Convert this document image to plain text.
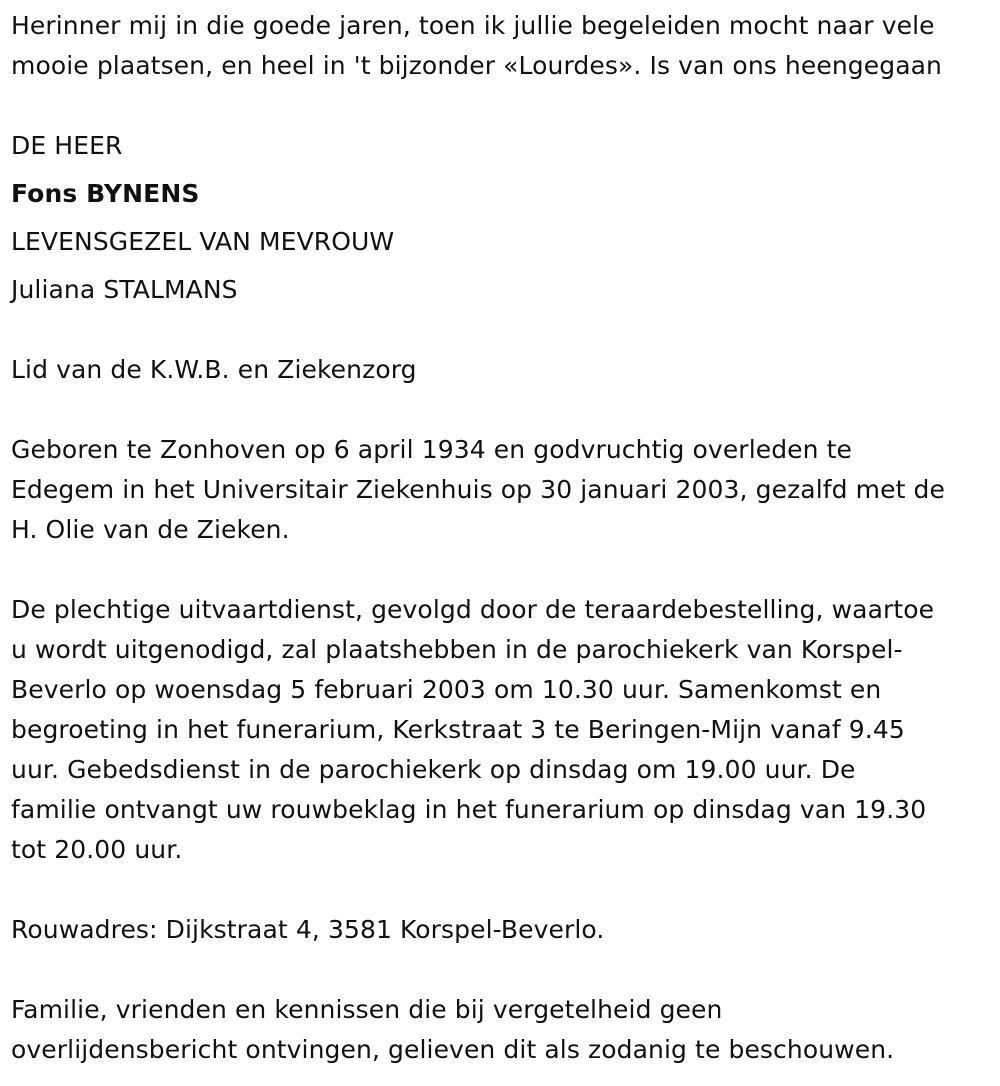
Herinner mij in die goede jaren, toen ik jullie begeleiden mocht naar vele

mooie plaatsen, en heel in 't bijzonder «Lourdes». Is van ons heengegaan

DE HEER

Fons BYNENS

LEVENSGEZEL VAN MEVROUW

Juliana STALMANS

Lid van de K.W.B. en Ziekenzorg

Geboren te Zonhoven op 6 april 1934 en godvruchtig overleden te

Edegem in het Universitair Ziekenhuis op 30 januari 2003, gezalfd met de

H. Olie van de Zieken.

De plechtige uitvaartdienst, gevolgd door de teraardebestelling, waartoe

u wordt uitgenodigd, zal plaatshebben in de parochiekerk van Korspel-

Beverlo op woensdag 5 februari 2003 om 10.30 uur. Samenkomst en

begroeting in het funerarium, Kerkstraat 3 te Beringen-Mijn vanaf 9.45

uur. Gebedsdienst in de parochiekerk op dinsdag om 19.00 uur. De

familie ontvangt uw rouwbeklag in het funerarium op dinsdag van 19.30

tot 20.00 uur.

Rouwadres: Dijkstraat 4, 3581 Korspel-Beverlo.

Familie, vrienden en kennissen die bij vergetelheid geen

overlijdensbericht ontvingen, gelieven dit als zodanig te beschouwen.
